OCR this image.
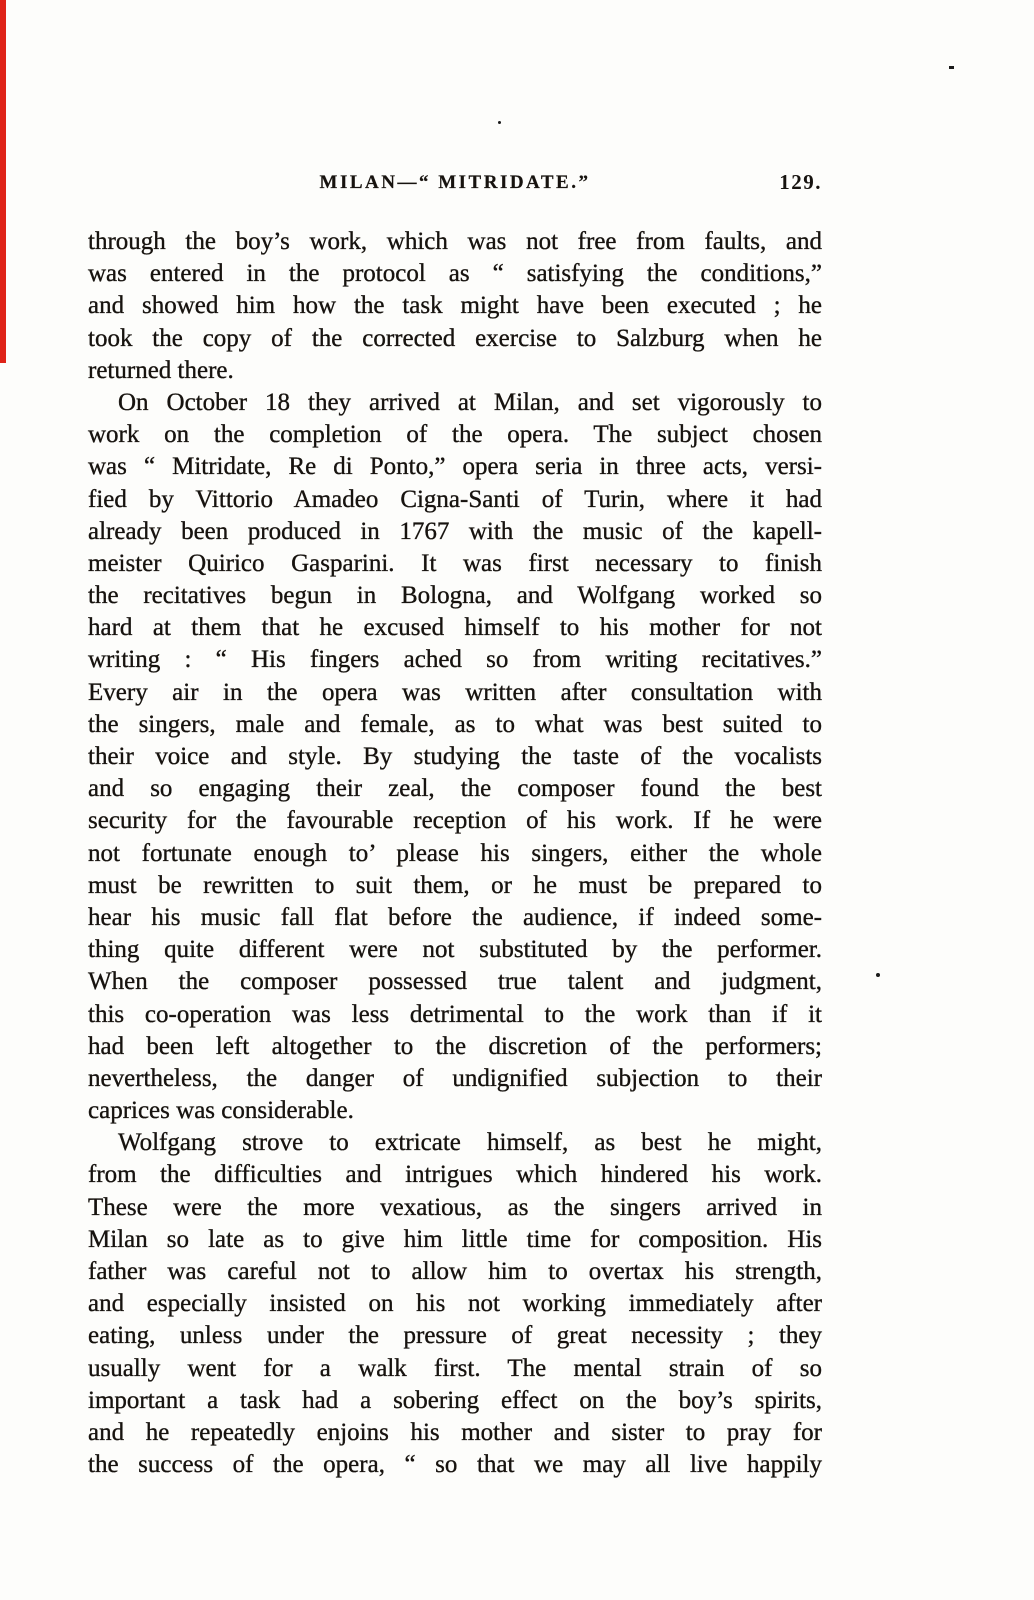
MILAN—“ MITRIDATE.”	129.
through the boy’s work, which was not free from faults, and
was entered in the protocol as “ satisfying the conditions,”
and showed him how the task might have been executed ; he
took the copy of the corrected exercise to Salzburg when he
returned there.
On October 18 they arrived at Milan, and set vigorously to
work on the completion of the opera. The subject chosen
was “ Mitridate, Re di Ponto,” opera seria in three acts, versi-
fied by Vittorio Amadeo Cigna-Santi of Turin, where it had
already been produced in 1767 with the music of the kapell-
meister Quirico Gasparini. It was first necessary to finish
the recitatives begun in Bologna, and Wolfgang worked so
hard at them that he excused himself to his mother for not
writing : “ His fingers ached so from writing recitatives.”
Every air in the opera was written after consultation with
the singers, male and female, as to what was best suited to
their voice and style. By studying the taste of the vocalists
and so engaging their zeal, the composer found the best
security for the favourable reception of his work. If he were
not fortunate enough to’ please his singers, either the whole
must be rewritten to suit them, or he must be prepared to
hear his music fall flat before the audience, if indeed some-
thing quite different were not substituted by the performer.
When the composer possessed true talent and judgment,
this co-operation was less detrimental to the work than if it
had been left altogether to the discretion of the performers;
nevertheless, the danger of undignified subjection to their
caprices was considerable.
Wolfgang strove to extricate himself, as best he might,
from the difficulties and intrigues which hindered his work.
These were the more vexatious, as the singers arrived in
Milan so late as to give him little time for composition. His
father was careful not to allow him to overtax his strength,
and especially insisted on his not working immediately after
eating, unless under the pressure of great necessity ; they
usually went for a walk first. The mental strain of so
important a task had a sobering effect on the boy’s spirits,
and he repeatedly enjoins his mother and sister to pray for
the success of the opera, “ so that we may all live happily
